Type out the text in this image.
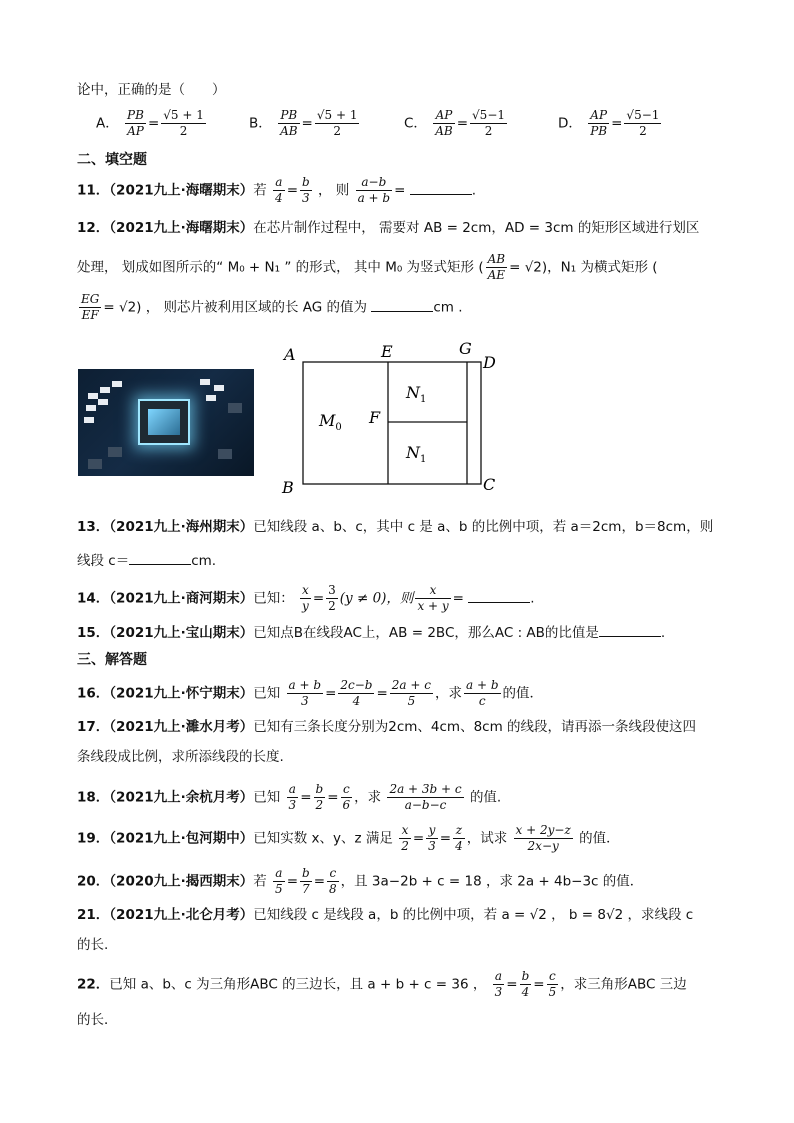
论中，正确的是（　　）
A． $\frac{PB}{AP} = \frac{√5 + 1}{2}$	B． $\frac{PB}{AB} = \frac{√5 + 1}{2}$	C． $\frac{AP}{AB} = \frac{√5-1}{2}$	D． $\frac{AP}{PB} = \frac{√5-1}{2}$
二、填空题
11．（2021九上·海曙期末）若 $\frac{a}{4} = \frac{b}{3}$ ， 则 $\frac{a-b}{a + b}$ =	.
12．（2021九上·海曙期末）在芯片制作过程中， 需要对 AB = 2cm，AD = 3cm 的矩形区域进行划区
处理， 划成如图所示的“ M₀ + N₁ ” 的形式， 其中 M₀ 为竖式矩形 ( $\frac{AB}{AE} = √2$)，N₁ 为横式矩形 (
$\frac{EG}{EF} = √2$) ， 则芯片被利用区域的长 AG 的值为	cm .
A
B	C
D
E	G
F
$M_0$
$N_1$
$N_1$
13．（2021九上·海州期末）已知线段 a、b、c，其中 c 是 a、b 的比例中项，若 a＝2cm，b＝8cm，则
线段 c＝	cm.
14．（2021九上·商河期末）已知： $\frac{x}{y} = \frac{3}{2} (y \ne 0)$，则 $\frac{x}{x + y}$ =	.
15．（2021九上·宝山期末）已知点B在线段AC上，AB = 2BC，那么AC : AB的比值是	.
三、解答题
16．（2021九上·怀宁期末）已知 $\frac{a + b}{3} = \frac{2c-b}{4} = \frac{2a + c}{5}$ ，求 $\frac{a + b}{c}$ 的值．
17．（2021九上·濉水月考）已知有三条长度分别为2cm、4cm、8cm 的线段，请再添一条线段使这四
条线段成比例，求所添线段的长度.
18．（2021九上·余杭月考）已知 $\frac{a}{3} = \frac{b}{2} = \frac{c}{6}$ ，求 $\frac{2a + 3b + c}{a-b-c}$ 的值.
19．（2021九上·包河期中）已知实数 x、y、z 满足 $\frac{x}{2} = \frac{y}{3} = \frac{z}{4}$ ，试求 $\frac{x + 2y-z}{2x-y}$ 的值．
20．（2020九上·揭西期末）若 $\frac{a}{5} = \frac{b}{7} = \frac{c}{8}$ ，且 3a−2b + c = 18 ，求 2a + 4b−3c 的值．
21．（2021九上·北仑月考）已知线段 c 是线段 a，b 的比例中项，若 a = √2 ， b = 8√2 ，求线段 c
的长.
22．已知 a、b、c 为三角形ABC 的三边长，且 a + b + c = 36 ， $\frac{a}{3} = \frac{b}{4} = \frac{c}{5}$ ，求三角形ABC 三边
的长．
